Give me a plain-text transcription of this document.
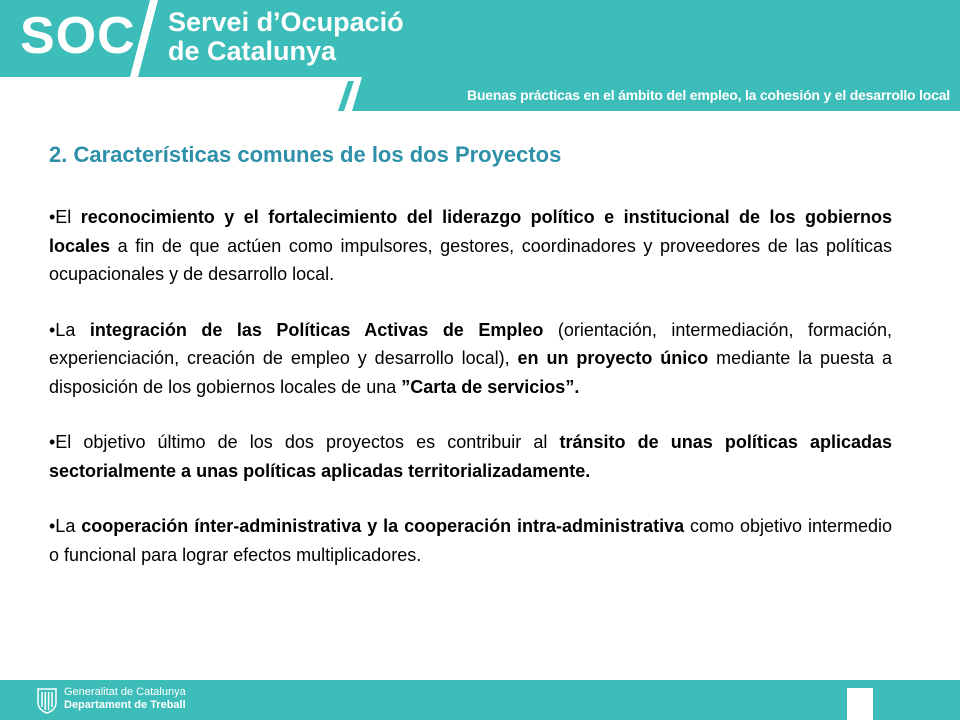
SOC Servei d’Ocupació
de Catalunya
Buenas prácticas en el ámbito del empleo, la cohesión y el desarrollo local
2. Características comunes de los dos Proyectos

•El reconocimiento y el fortalecimiento del liderazgo político e institucional de los gobiernos locales a fin de que actúen como impulsores, gestores, coordinadores y proveedores de las políticas ocupacionales y de desarrollo local.

•La integración de las Políticas Activas de Empleo (orientación, intermediación, formación, experienciación, creación de empleo y desarrollo local), en un proyecto único mediante la puesta a disposición de los gobiernos locales de una ”Carta de servicios”.

•El objetivo último de los dos proyectos es contribuir al tránsito de unas políticas aplicadas sectorialmente a unas políticas aplicadas territorializadamente.

•La cooperación ínter-administrativa y la cooperación intra-administrativa como objetivo intermedio o funcional para lograr efectos multiplicadores.

Generalitat de Catalunya
Departament de Treball
